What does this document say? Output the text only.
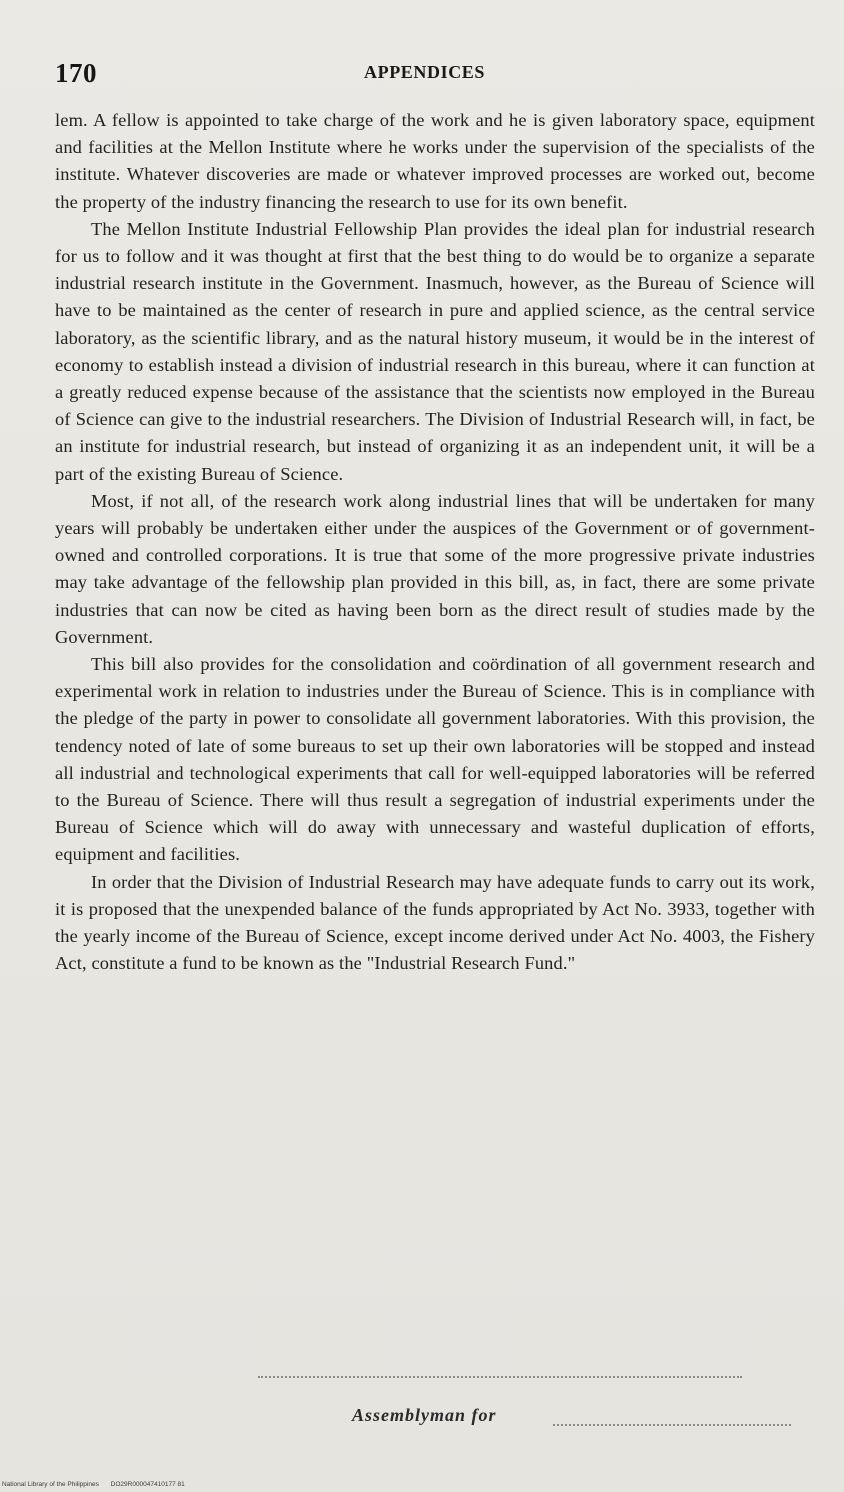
170	APPENDICES

lem. A fellow is appointed to take charge of the work and he is given laboratory space, equipment and facilities at the Mellon Institute where he works under the supervision of the specialists of the institute. Whatever discoveries are made or whatever improved processes are worked out, become the property of the industry financing the research to use for its own benefit.

The Mellon Institute Industrial Fellowship Plan provides the ideal plan for industrial research for us to follow and it was thought at first that the best thing to do would be to organize a separate industrial research institute in the Government. Inasmuch, however, as the Bureau of Science will have to be maintained as the center of research in pure and applied science, as the central service laboratory, as the scientific library, and as the natural history museum, it would be in the interest of economy to establish instead a division of industrial research in this bureau, where it can function at a greatly reduced expense because of the assistance that the scientists now employed in the Bureau of Science can give to the industrial researchers. The Division of Industrial Research will, in fact, be an institute for industrial research, but instead of organizing it as an independent unit, it will be a part of the existing Bureau of Science.

Most, if not all, of the research work along industrial lines that will be undertaken for many years will probably be undertaken either under the auspices of the Government or of government-owned and controlled corporations. It is true that some of the more progressive private industries may take advantage of the fellowship plan provided in this bill, as, in fact, there are some private industries that can now be cited as having been born as the direct result of studies made by the Government.

This bill also provides for the consolidation and coördination of all government research and experimental work in relation to industries under the Bureau of Science. This is in compliance with the pledge of the party in power to consolidate all government laboratories. With this provision, the tendency noted of late of some bureaus to set up their own laboratories will be stopped and instead all industrial and technological experiments that call for well-equipped laboratories will be referred to the Bureau of Science. There will thus result a segregation of industrial experiments under the Bureau of Science which will do away with unnecessary and wasteful duplication of efforts, equipment and facilities.

In order that the Division of Industrial Research may have adequate funds to carry out its work, it is proposed that the unexpended balance of the funds appropriated by Act No. 3933, together with the yearly income of the Bureau of Science, except income derived under Act No. 4003, the Fishery Act, constitute a fund to be known as the "Industrial Research Fund."

Assemblyman for
National Library of the Philippines DO29R000047410177 81
